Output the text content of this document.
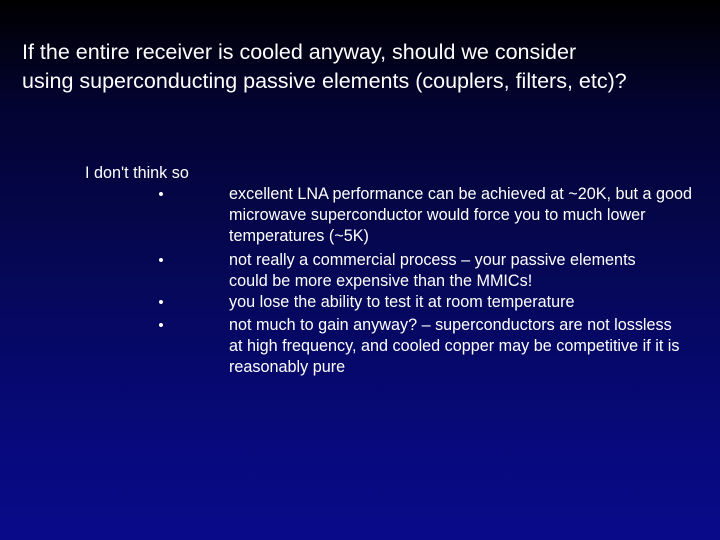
If the entire receiver is cooled anyway, should we consider
using superconducting passive elements (couplers, filters, etc)?
I don't think so
•	excellent LNA performance can be achieved at ~20K, but a good
microwave superconductor would force you to much lower
temperatures (~5K)
•	not really a commercial process – your passive elements
could be more expensive than the MMICs!
•	you lose the ability to test it at room temperature
•	not much to gain anyway? – superconductors are not lossless
at high frequency, and cooled copper may be competitive if it is
reasonably pure
